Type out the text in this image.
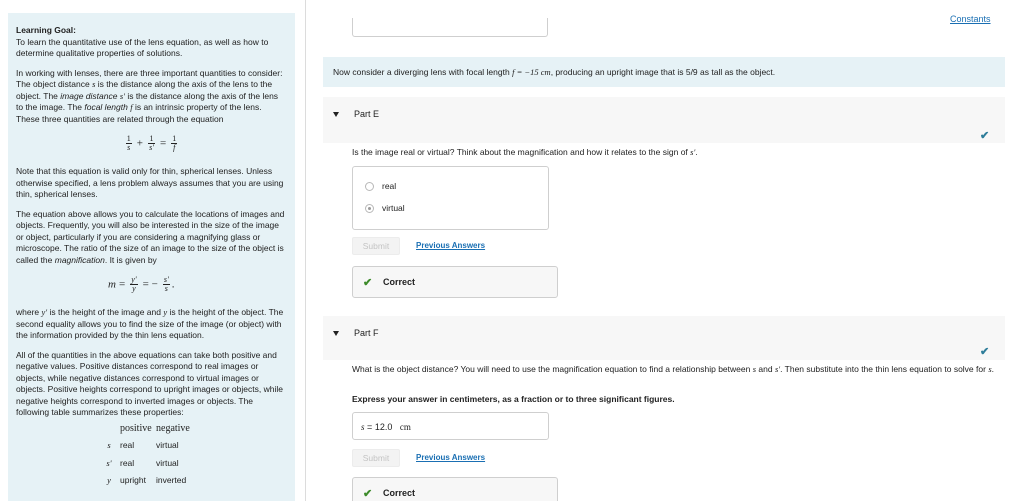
Learning Goal:
To learn the quantitative use of the lens equation, as well as how to determine qualitative properties of solutions.

In working with lenses, there are three important quantities to consider: The object distance s is the distance along the axis of the lens to the object. The image distance s' is the distance along the axis of the lens to the image. The focal length f is an intrinsic property of the lens. These three quantities are related through the equation

$\frac{1}{s} + \frac{1}{s'} = \frac{1}{f}$

Note that this equation is valid only for thin, spherical lenses. Unless otherwise specified, a lens problem always assumes that you are using thin, spherical lenses.

The equation above allows you to calculate the locations of images and objects. Frequently, you will also be interested in the size of the image or object, particularly if you are considering a magnifying glass or microscope. The ratio of the size of an image to the size of the object is called the magnification. It is given by

$m = \frac{y'}{y}$ = − $\frac{s'}{s}$ .

where y' is the height of the image and y is the height of the object. The second equality allows you to find the size of the image (or object) with the information provided by the thin lens equation.

All of the quantities in the above equations can take both positive and negative values. Positive distances correspond to real images or objects, while negative distances correspond to virtual images or objects. Positive heights correspond to upright images or objects, while negative heights correspond to inverted images or objects. The following table summarizes these properties:

	positive	negative
s	real	virtual
s'	real	virtual
y	upright	inverted
Constants
Now consider a diverging lens with focal length f = −15 cm, producing an upright image that is 5/9 as tall as the object.
Part E
✔
Is the image real or virtual? Think about the magnification and how it relates to the sign of s'.
real
virtual
Submit	Previous Answers
✔ Correct
Part F
✔
What is the object distance? You will need to use the magnification equation to find a relationship between s and s'. Then substitute into the thin lens equation to solve for s.
Express your answer in centimeters, as a fraction or to three significant figures.
s = 12.0 cm
Submit	Previous Answers
✔ Correct
